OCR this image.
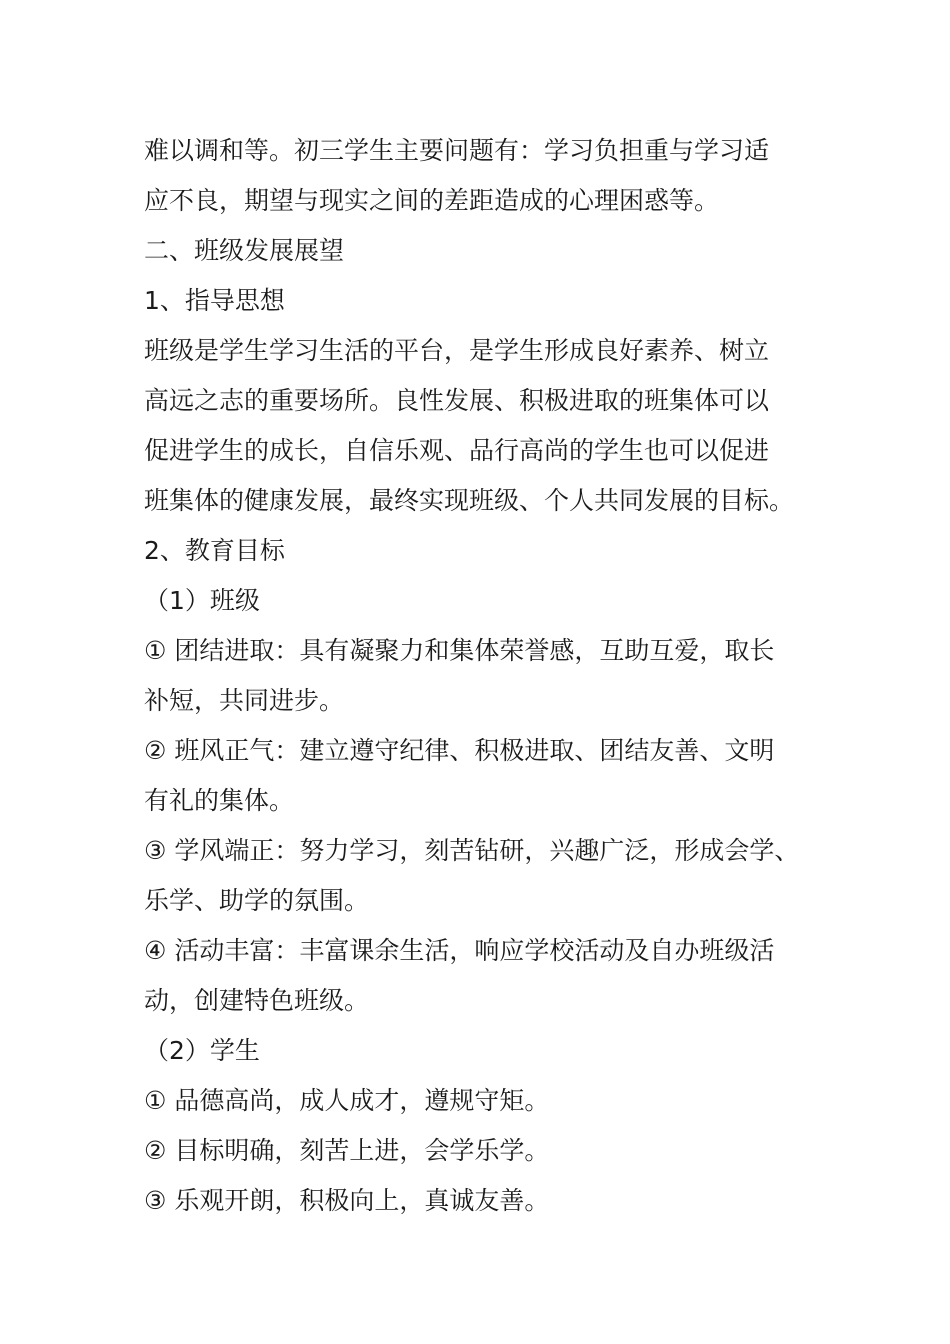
难以调和等。初三学生主要问题有：学习负担重与学习适
应不良，期望与现实之间的差距造成的心理困惑等。
二、班级发展展望
1、指导思想
班级是学生学习生活的平台，是学生形成良好素养、树立
高远之志的重要场所。良性发展、积极进取的班集体可以
促进学生的成长，自信乐观、品行高尚的学生也可以促进
班集体的健康发展，最终实现班级、个人共同发展的目标。
2、教育目标
（1）班级
① 团结进取：具有凝聚力和集体荣誉感，互助互爱，取长
补短，共同进步。
② 班风正气：建立遵守纪律、积极进取、团结友善、文明
有礼的集体。
③ 学风端正：努力学习，刻苦钻研，兴趣广泛，形成会学、
乐学、助学的氛围。
④ 活动丰富：丰富课余生活，响应学校活动及自办班级活
动，创建特色班级。
（2）学生
① 品德高尚，成人成才，遵规守矩。
② 目标明确，刻苦上进，会学乐学。
③ 乐观开朗，积极向上，真诚友善。
